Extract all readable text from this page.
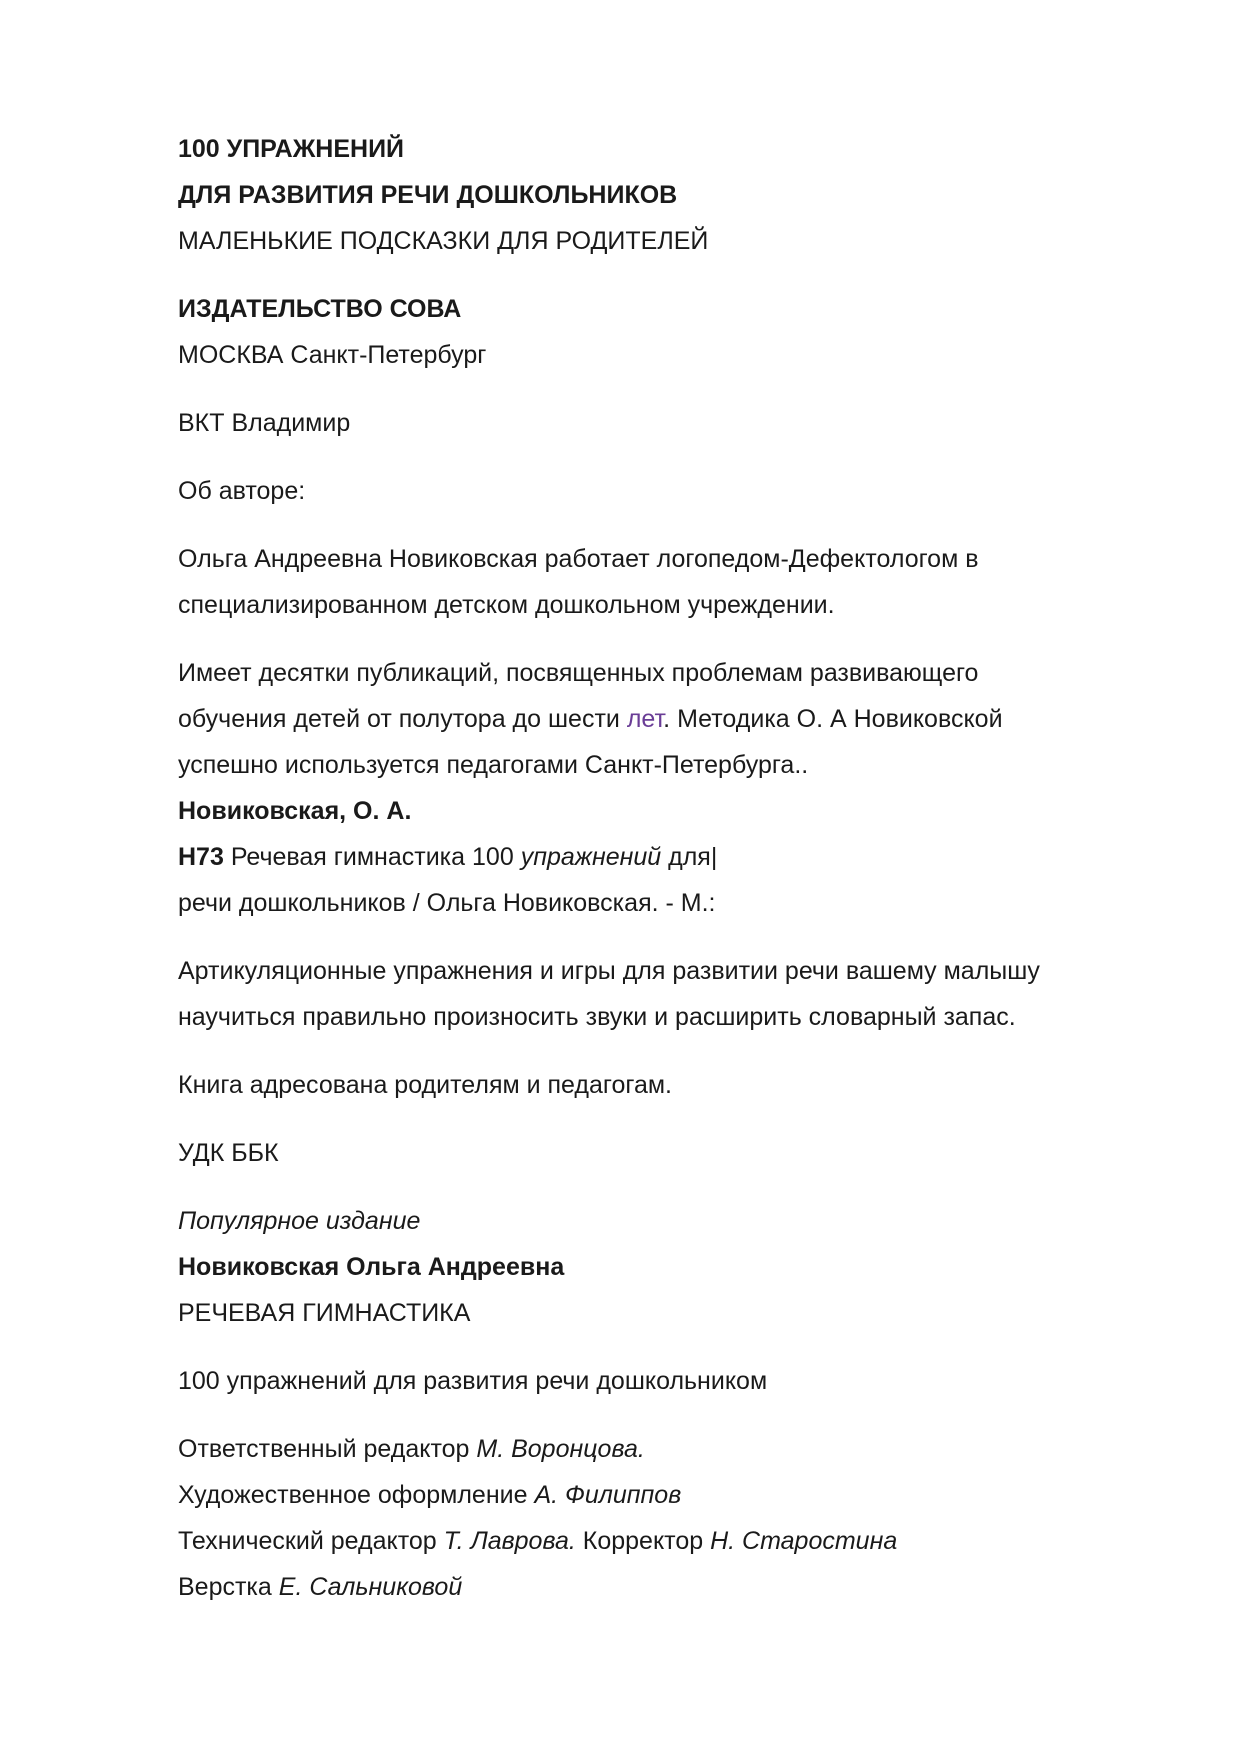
100 УПРАЖНЕНИЙ

ДЛЯ РАЗВИТИЯ РЕЧИ ДОШКОЛЬНИКОВ

МАЛЕНЬКИЕ ПОДСКАЗКИ ДЛЯ РОДИТЕЛЕЙ

ИЗДАТЕЛЬСТВО СОВА

МОСКВА Санкт-Петербург

ВКТ Владимир

Об авторе:

Ольга Андреевна Новиковская работает логопедом-Дефектологом в

специализированном детском дошкольном учреждении.

Имеет десятки публикаций, посвященных проблемам развивающего

обучения детей от полутора до шести лет. Методика О. А Новиковской

успешно используется педагогами Санкт-Петербурга..

Новиковская, О. А.

Н73 Речевая гимнастика 100 упражнений для|

речи дошкольников / Ольга Новиковская. - М.:

Артикуляционные упражнения и игры для развитии речи вашему малышу

научиться правильно произносить звуки и расширить словарный запас.

Книга адресована родителям и педагогам.

УДК ББК

Популярное издание

Новиковская Ольга Андреевна

РЕЧЕВАЯ ГИМНАСТИКА

100 упражнений для развития речи дошкольником

Ответственный редактор М. Воронцова.

Художественное оформление А. Филиппов

Технический редактор Т. Лаврова. Корректор Н. Старостина

Верстка Е. Сальниковой
